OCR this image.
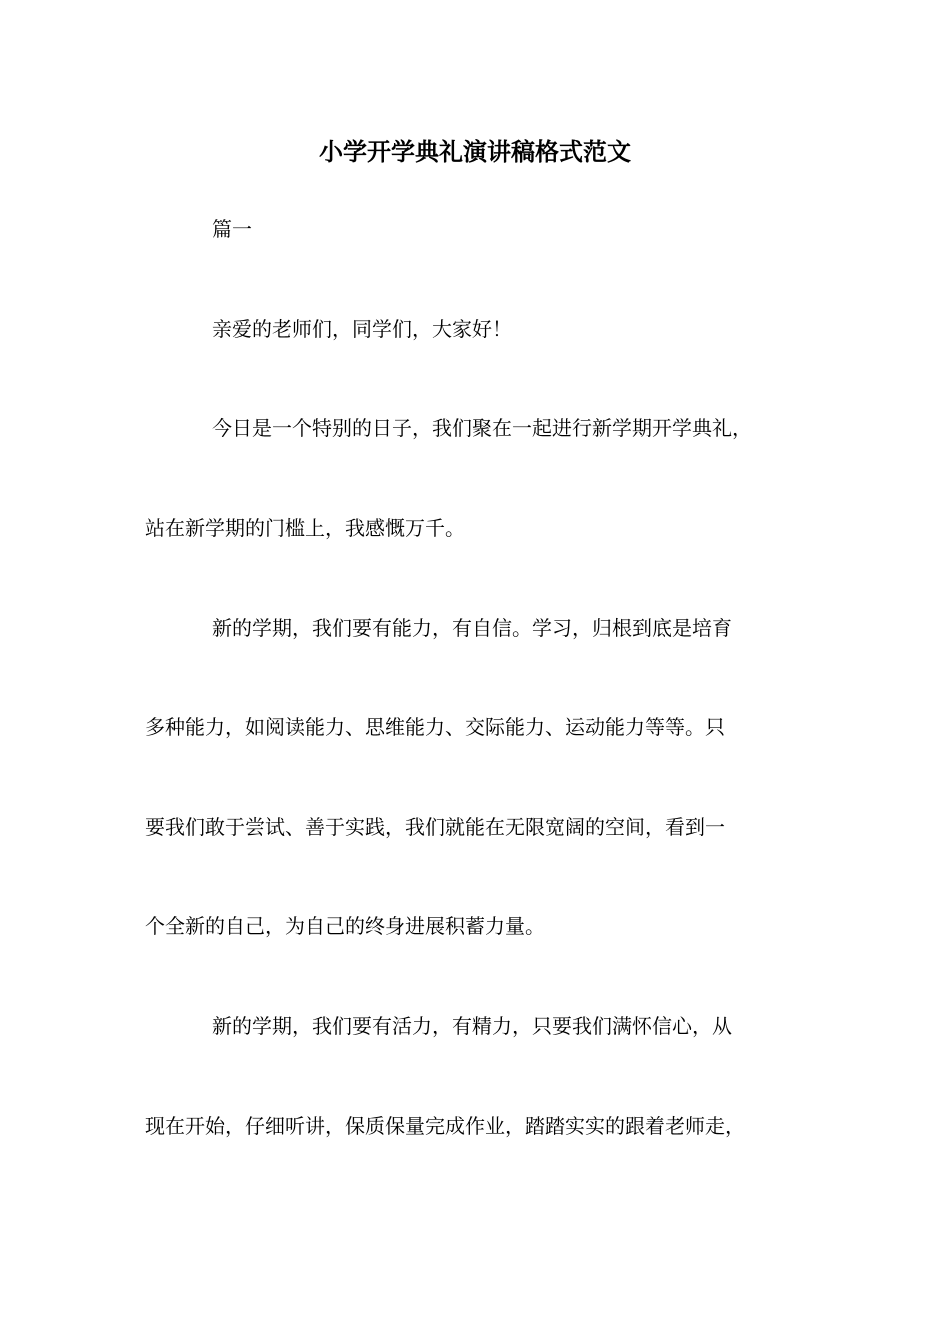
小学开学典礼演讲稿格式范文
篇一
亲爱的老师们，同学们，大家好！
今日是一个特别的日子，我们聚在一起进行新学期开学典礼，
站在新学期的门槛上，我感慨万千。
新的学期，我们要有能力，有自信。学习，归根到底是培育
多种能力，如阅读能力、思维能力、交际能力、运动能力等等。只
要我们敢于尝试、善于实践，我们就能在无限宽阔的空间，看到一
个全新的自己，为自己的终身进展积蓄力量。
新的学期，我们要有活力，有精力，只要我们满怀信心，从
现在开始，仔细听讲，保质保量完成作业，踏踏实实的跟着老师走，
